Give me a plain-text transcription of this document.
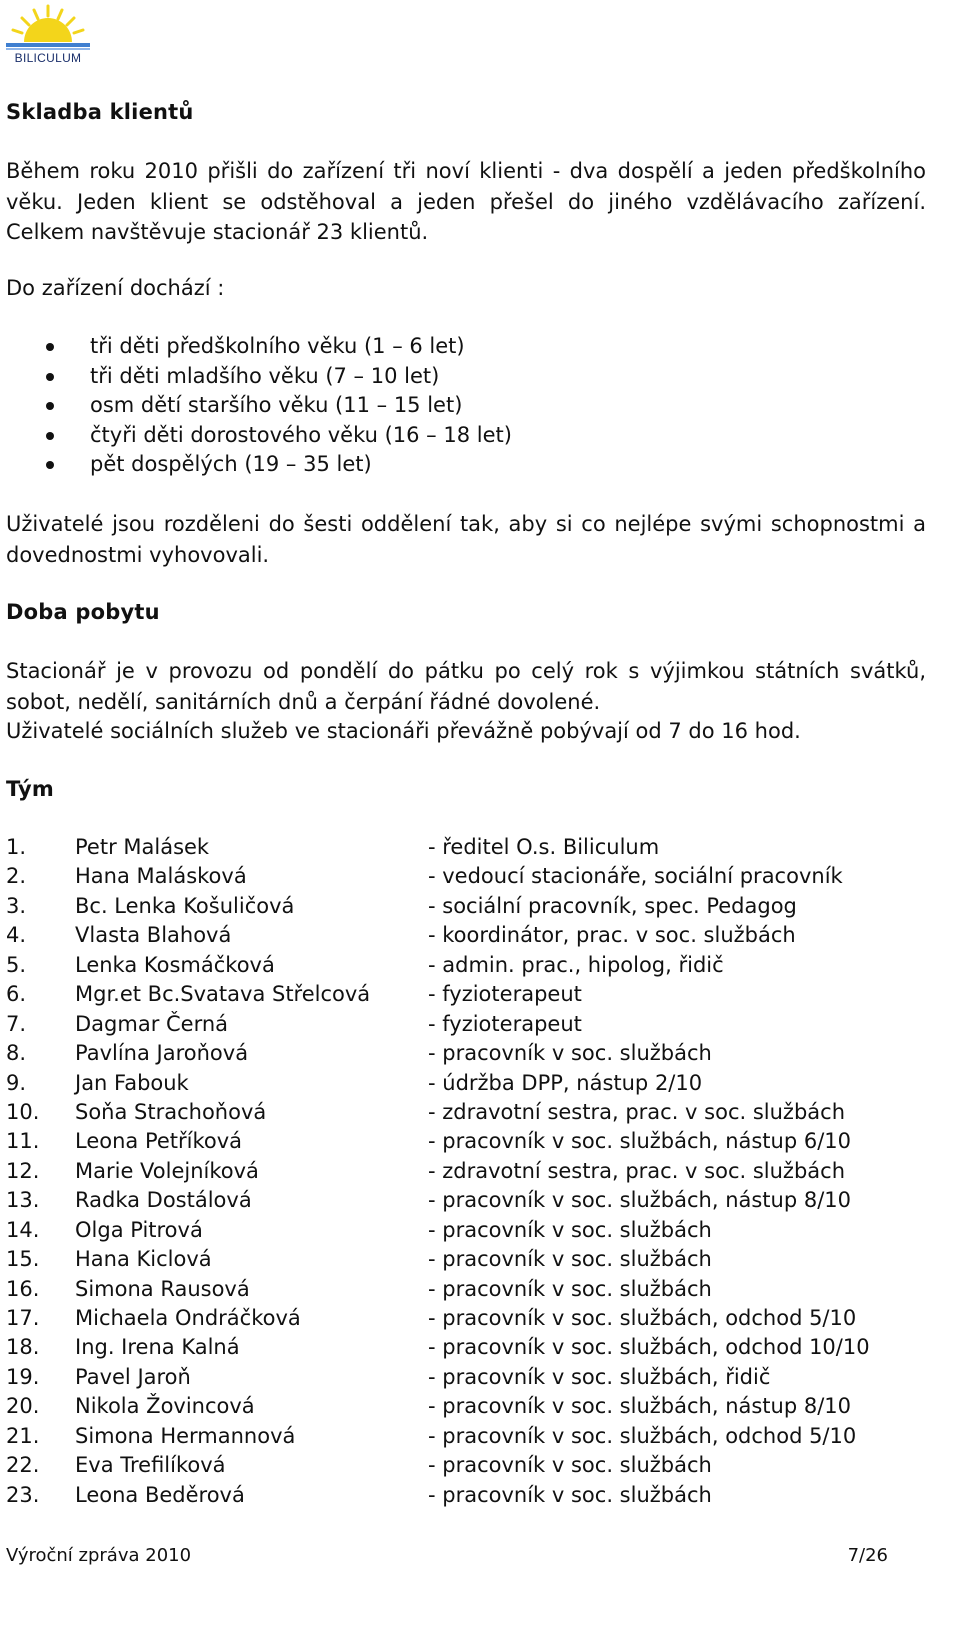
BILICULUM
Skladba klientů
Během roku 2010 přišli do zařízení tři noví klienti - dva dospělí a jeden předškolního věku. Jeden klient se odstěhoval a jeden přešel do jiného vzdělávacího zařízení. Celkem navštěvuje stacionář 23 klientů.
Do zařízení dochází :
tři děti předškolního věku (1 – 6 let)
tři děti mladšího věku (7 – 10 let)
osm dětí staršího věku (11 – 15 let)
čtyři děti dorostového věku (16 – 18 let)
pět dospělých (19 – 35 let)
Uživatelé jsou rozděleni do šesti oddělení tak, aby si co nejlépe svými schopnostmi a dovednostmi vyhovovali.
Doba pobytu
Stacionář je v provozu od pondělí do pátku po celý rok s výjimkou státních svátků, sobot, nedělí, sanitárních dnů a čerpání řádné dovolené.
Uživatelé sociálních služeb ve stacionáři převážně pobývají od 7 do 16 hod.
Tým
1. Petr Malásek	- ředitel O.s. Biliculum
2. Hana Malásková	- vedoucí stacionáře, sociální pracovník
3. Bc. Lenka Košuličová	- sociální pracovník, spec. Pedagog
4. Vlasta Blahová	- koordinátor, prac. v soc. službách
5. Lenka Kosmáčková	- admin. prac., hipolog, řidič
6. Mgr.et Bc.Svatava Střelcová	- fyzioterapeut
7. Dagmar Černá	- fyzioterapeut
8. Pavlína Jaroňová	- pracovník v soc. službách
9. Jan Fabouk	- údržba DPP, nástup 2/10
10. Soňa Strachoňová	- zdravotní sestra, prac. v soc. službách
11. Leona Petříková	- pracovník v soc. službách, nástup 6/10
12. Marie Volejníková	- zdravotní sestra, prac. v soc. službách
13. Radka Dostálová	- pracovník v soc. službách, nástup 8/10
14. Olga Pitrová	- pracovník v soc. službách
15. Hana Kiclová	- pracovník v soc. službách
16. Simona Rausová	- pracovník v soc. službách
17. Michaela Ondráčková	- pracovník v soc. službách, odchod 5/10
18. Ing. Irena Kalná	- pracovník v soc. službách, odchod 10/10
19. Pavel Jaroň	- pracovník v soc. službách, řidič
20. Nikola Žovincová	- pracovník v soc. službách, nástup 8/10
21. Simona Hermannová	- pracovník v soc. službách, odchod 5/10
22. Eva Trefilíková	- pracovník v soc. službách
23. Leona Beděrová	- pracovník v soc. službách
Výroční zpráva 2010	7/26
